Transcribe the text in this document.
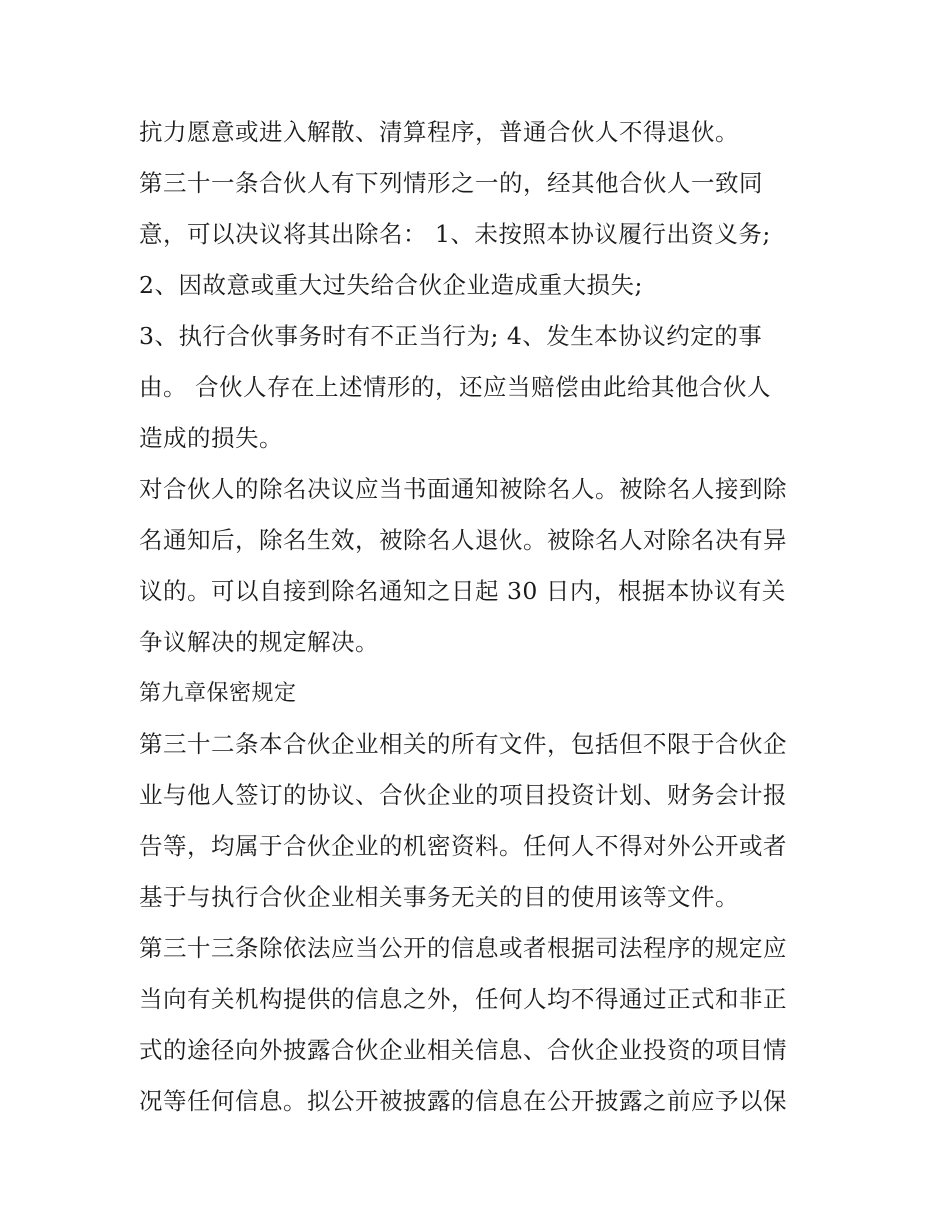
抗力愿意或进入解散、清算程序，普通合伙人不得退伙。
第三十一条合伙人有下列情形之一的，经其他合伙人一致同
意，可以决议将其出除名： 1、未按照本协议履行出资义务;
2、因故意或重大过失给合伙企业造成重大损失;
3、执行合伙事务时有不正当行为; 4、发生本协议约定的事
由。 合伙人存在上述情形的，还应当赔偿由此给其他合伙人
造成的损失。
对合伙人的除名决议应当书面通知被除名人。被除名人接到除
名通知后，除名生效，被除名人退伙。被除名人对除名决有异
议的。可以自接到除名通知之日起 30 日内，根据本协议有关
争议解决的规定解决。
第九章保密规定
第三十二条本合伙企业相关的所有文件，包括但不限于合伙企
业与他人签订的协议、合伙企业的项目投资计划、财务会计报
告等，均属于合伙企业的机密资料。任何人不得对外公开或者
基于与执行合伙企业相关事务无关的目的使用该等文件。
第三十三条除依法应当公开的信息或者根据司法程序的规定应
当向有关机构提供的信息之外，任何人均不得通过正式和非正
式的途径向外披露合伙企业相关信息、合伙企业投资的项目情
况等任何信息。拟公开被披露的信息在公开披露之前应予以保
